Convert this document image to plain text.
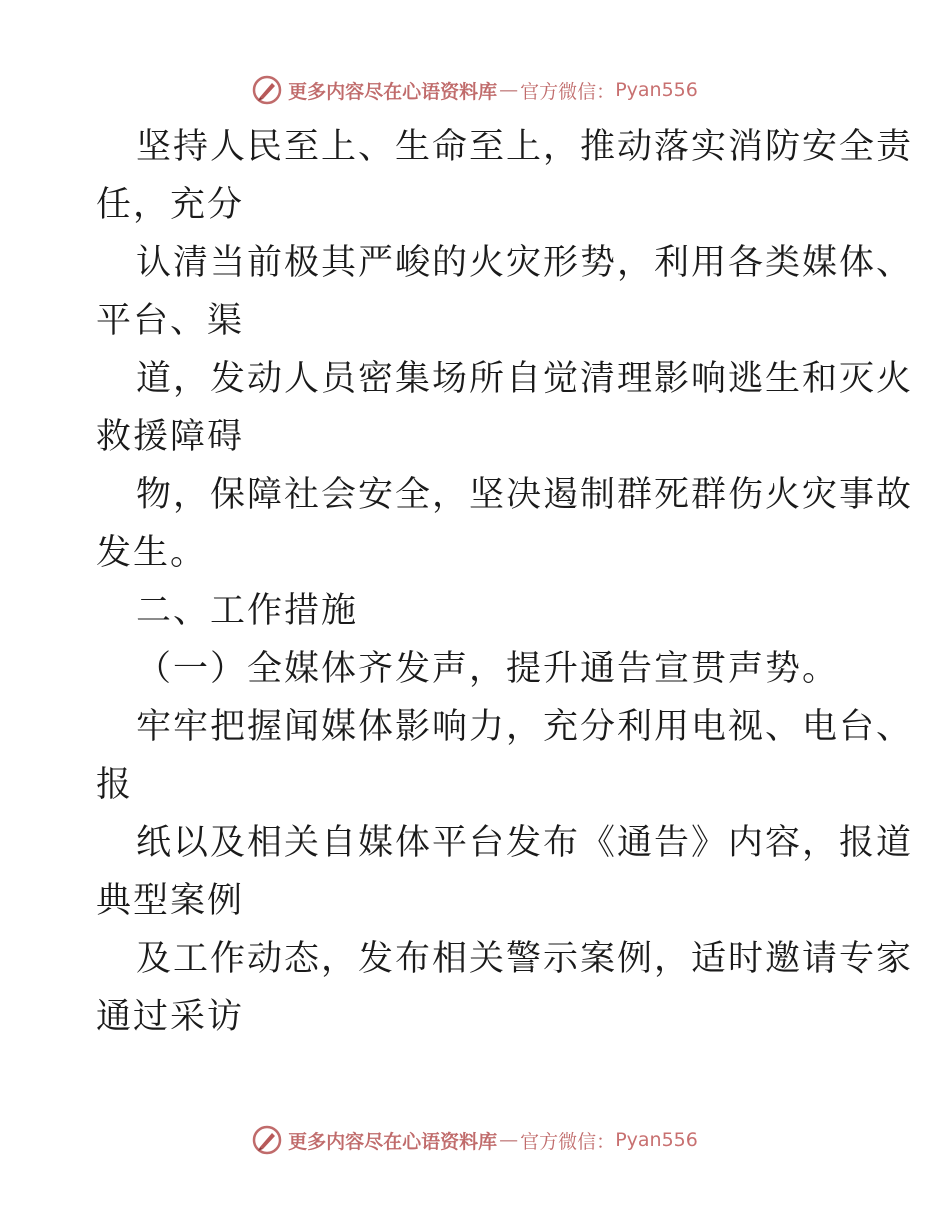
更多内容尽在心语资料库 — 官方微信： Pyan556
坚持人民至上、生命至上，推动落实消防安全责
任，充分
认清当前极其严峻的火灾形势，利用各类媒体、
平台、渠
道，发动人员密集场所自觉清理影响逃生和灭火
救援障碍
物，保障社会安全，坚决遏制群死群伤火灾事故
发生。
二、工作措施
（一）全媒体齐发声，提升通告宣贯声势。
牢牢把握闻媒体影响力，充分利用电视、电台、
报
纸以及相关自媒体平台发布《通告》内容，报道
典型案例
及工作动态，发布相关警示案例，适时邀请专家
通过采访
更多内容尽在心语资料库 — 官方微信： Pyan556
